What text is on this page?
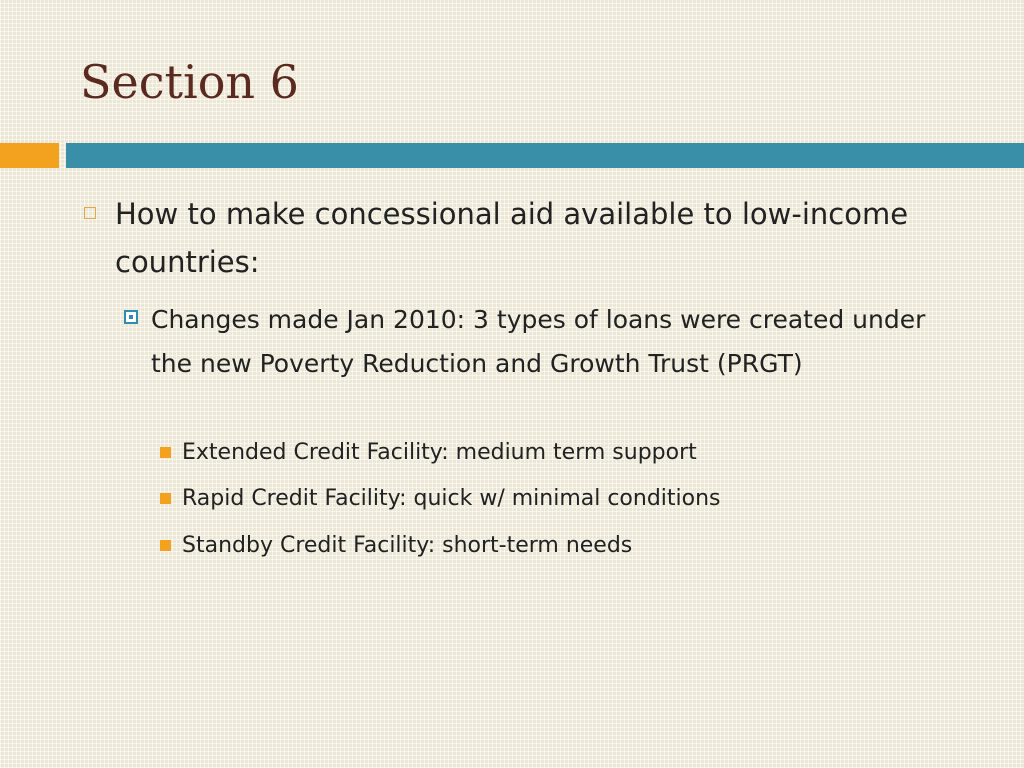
Section 6
How to make concessional aid available to low-income countries:
Changes made Jan 2010: 3 types of loans were created under the new Poverty Reduction and Growth Trust (PRGT)
Extended Credit Facility: medium term support
Rapid Credit Facility: quick w/ minimal conditions
Standby Credit Facility: short-term needs
